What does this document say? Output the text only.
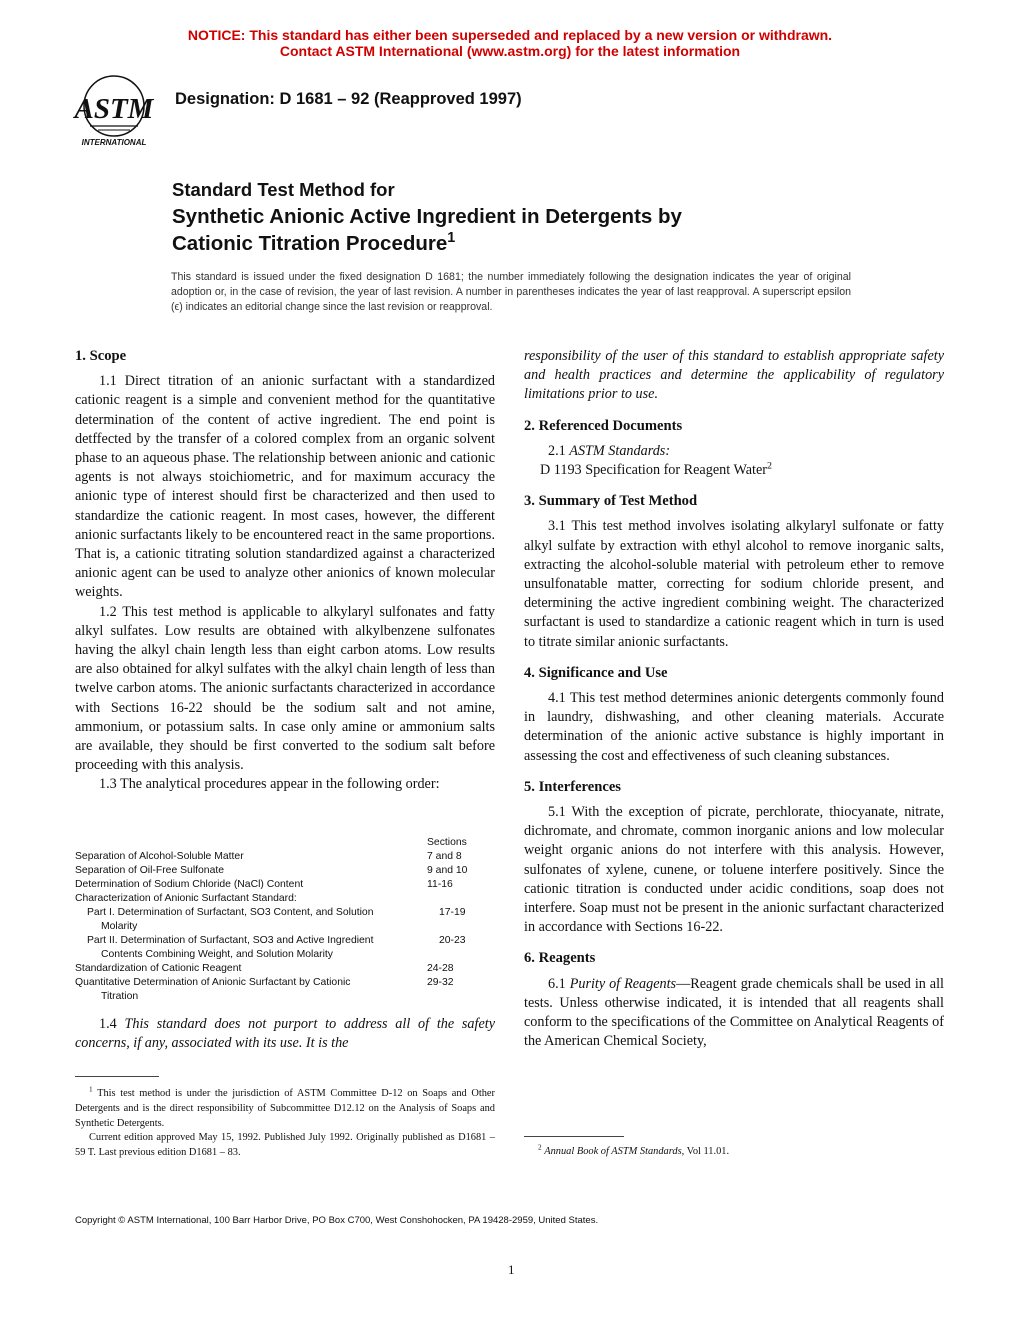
NOTICE: This standard has either been superseded and replaced by a new version or withdrawn.
Contact ASTM International (www.astm.org) for the latest information
ASTM
INTERNATIONAL
Designation: D 1681 – 92 (Reapproved 1997)
Standard Test Method for
Synthetic Anionic Active Ingredient in Detergents by
Cationic Titration Procedure$^1$
This standard is issued under the fixed designation D 1681; the number immediately following the designation indicates the year of original adoption or, in the case of revision, the year of last revision. A number in parentheses indicates the year of last reapproval. A superscript epsilon (ϵ) indicates an editorial change since the last revision or reapproval.

1. Scope

1.1 Direct titration of an anionic surfactant with a standardized cationic reagent is a simple and convenient method for the quantitative determination of the content of active ingredient. The end point is detffected by the transfer of a colored complex from an organic solvent phase to an aqueous phase. The relationship between anionic and cationic agents is not always stoichiometric, and for maximum accuracy the anionic type of interest should first be characterized and then used to standardize the cationic reagent. In most cases, however, the different anionic surfactants likely to be encountered react in the same proportions. That is, a cationic titrating solution standardized against a characterized anionic agent can be used to analyze other anionics of known molecular weights.

1.2 This test method is applicable to alkylaryl sulfonates and fatty alkyl sulfates. Low results are obtained with alkylbenzene sulfonates having the alkyl chain length less than eight carbon atoms. Low results are also obtained for alkyl sulfates with the alkyl chain length of less than twelve carbon atoms. The anionic surfactants characterized in accordance with Sections 16-22 should be the sodium salt and not amine, ammonium, or potassium salts. In case only amine or ammonium salts are available, they should be first converted to the sodium salt before proceeding with this analysis.

1.3 The analytical procedures appear in the following order:

Sections
Separation of Alcohol-Soluble Matter	7 and 8
Separation of Oil-Free Sulfonate	9 and 10
Determination of Sodium Chloride (NaCl) Content	11-16
Characterization of Anionic Surfactant Standard:
Part I. Determination of Surfactant, SO3 Content, and Solution	17-19
Molarity
Part II. Determination of Surfactant, SO3 and Active Ingredient	20-23
Contents Combining Weight, and Solution Molarity
Standardization of Cationic Reagent	24-28
Quantitative Determination of Anionic Surfactant by Cationic	29-32
Titration

1.4 This standard does not purport to address all of the safety concerns, if any, associated with its use. It is the

$^1$ This test method is under the jurisdiction of ASTM Committee D-12 on Soaps and Other Detergents and is the direct responsibility of Subcommittee D12.12 on the Analysis of Soaps and Synthetic Detergents.

Current edition approved May 15, 1992. Published July 1992. Originally published as D1681 – 59 T. Last previous edition D1681 – 83.

responsibility of the user of this standard to establish appropriate safety and health practices and determine the applicability of regulatory limitations prior to use.

2. Referenced Documents

2.1 ASTM Standards:

D 1193 Specification for Reagent Water$^2$

3. Summary of Test Method

3.1 This test method involves isolating alkylaryl sulfonate or fatty alkyl sulfate by extraction with ethyl alcohol to remove inorganic salts, extracting the alcohol-soluble material with petroleum ether to remove unsulfonatable matter, correcting for sodium chloride present, and determining the active ingredient combining weight. The characterized surfactant is used to standardize a cationic reagent which in turn is used to titrate similar anionic surfactants.

4. Significance and Use

4.1 This test method determines anionic detergents commonly found in laundry, dishwashing, and other cleaning materials. Accurate determination of the anionic active substance is highly important in assessing the cost and effectiveness of such cleaning substances.

5. Interferences

5.1 With the exception of picrate, perchlorate, thiocyanate, nitrate, dichromate, and chromate, common inorganic anions and low molecular weight organic anions do not interfere with this analysis. However, sulfonates of xylene, cunene, or toluene interfere positively. Since the cationic titration is conducted under acidic conditions, soap does not interfere. Soap must not be present in the anionic surfactant characterized in accordance with Sections 16-22.

6. Reagents

6.1 Purity of Reagents—Reagent grade chemicals shall be used in all tests. Unless otherwise indicated, it is intended that all reagents shall conform to the specifications of the Committee on Analytical Reagents of the American Chemical Society,

$^2$ Annual Book of ASTM Standards, Vol 11.01.
Copyright © ASTM International, 100 Barr Harbor Drive, PO Box C700, West Conshohocken, PA 19428-2959, United States.
1
